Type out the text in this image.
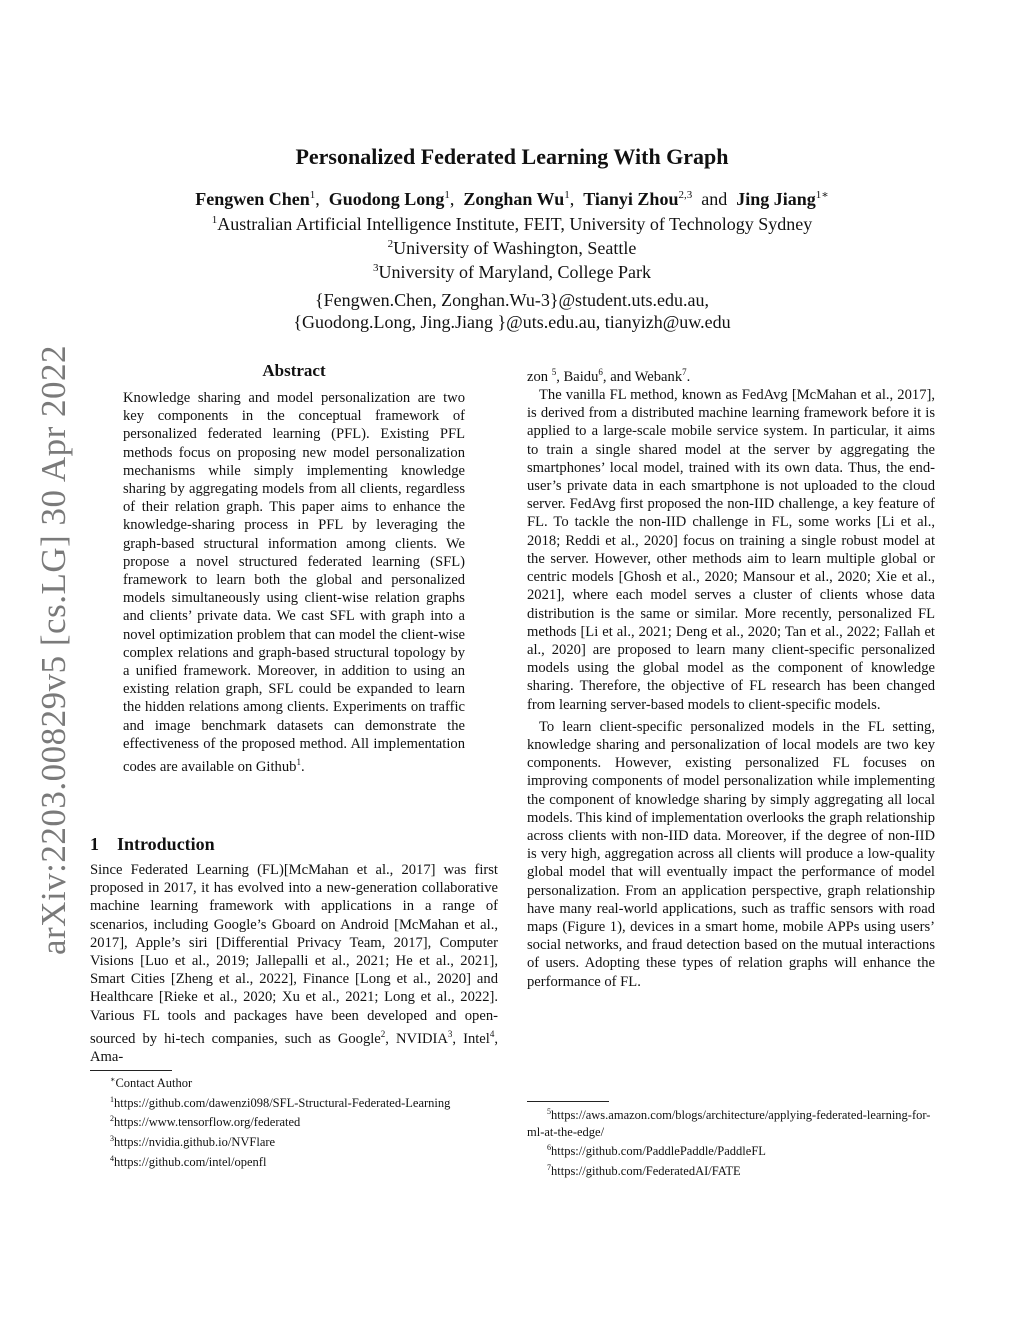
arXiv:2203.00829v5 [cs.LG] 30 Apr 2022
Personalized Federated Learning With Graph
Fengwen Chen$^1$,  Guodong Long$^1$,  Zonghan Wu$^1$,  Tianyi Zhou$^{2,3}$ and Jing Jiang$^{1∗}$
$^1$Australian Artificial Intelligence Institute, FEIT, University of Technology Sydney
$^2$University of Washington, Seattle
$^3$University of Maryland, College Park
{Fengwen.Chen, Zonghan.Wu-3}@student.uts.edu.au,
{Guodong.Long, Jing.Jiang }@uts.edu.au, tianyizh@uw.edu
Abstract
Knowledge sharing and model personalization are two key components in the conceptual framework of personalized federated learning (PFL). Existing PFL methods focus on proposing new model personalization mechanisms while simply implementing knowledge sharing by aggregating models from all clients, regardless of their relation graph. This paper aims to enhance the knowledge-sharing process in PFL by leveraging the graph-based structural information among clients. We propose a novel structured federated learning (SFL) framework to learn both the global and personalized models simultaneously using client-wise relation graphs and clients’ private data. We cast SFL with graph into a novel optimization problem that can model the client-wise complex relations and graph-based structural topology by a unified framework. Moreover, in addition to using an existing relation graph, SFL could be expanded to learn the hidden relations among clients. Experiments on traffic and image benchmark datasets can demonstrate the effectiveness of the proposed method. All implementation codes are available on Github$^1$.
1 Introduction

Since Federated Learning (FL)[McMahan et al., 2017] was first proposed in 2017, it has evolved into a new-generation collaborative machine learning framework with applications in a range of scenarios, including Google’s Gboard on Android [McMahan et al., 2017], Apple’s siri [Differential Privacy Team, 2017], Computer Visions [Luo et al., 2019; Jallepalli et al., 2021; He et al., 2021], Smart Cities [Zheng et al., 2022], Finance [Long et al., 2020] and Healthcare [Rieke et al., 2020; Xu et al., 2021; Long et al., 2022]. Various FL tools and packages have been developed and open-sourced by hi-tech companies, such as Google$^2$, NVIDIA$^3$, Intel$^4$, Ama-

∗Contact Author
$^1$https://github.com/dawenzi098/SFL-Structural-Federated-Learning
$^2$https://www.tensorflow.org/federated
$^3$https://nvidia.github.io/NVFlare
$^4$https://github.com/intel/openfl

zon $^5$, Baidu$^6$, and Webank$^7$.

The vanilla FL method, known as FedAvg [McMahan et al., 2017], is derived from a distributed machine learning framework before it is applied to a large-scale mobile service system. In particular, it aims to train a single shared model at the server by aggregating the smartphones’ local model, trained with its own data. Thus, the end-user’s private data in each smartphone is not uploaded to the cloud server. FedAvg first proposed the non-IID challenge, a key feature of FL. To tackle the non-IID challenge in FL, some works [Li et al., 2018; Reddi et al., 2020] focus on training a single robust model at the server. However, other methods aim to learn multiple global or centric models [Ghosh et al., 2020; Mansour et al., 2020; Xie et al., 2021], where each model serves a cluster of clients whose data distribution is the same or similar. More recently, personalized FL methods [Li et al., 2021; Deng et al., 2020; Tan et al., 2022; Fallah et al., 2020] are proposed to learn many client-specific personalized models using the global model as the component of knowledge sharing. Therefore, the objective of FL research has been changed from learning server-based models to client-specific models.

To learn client-specific personalized models in the FL setting, knowledge sharing and personalization of local models are two key components. However, existing personalized FL focuses on improving components of model personalization while implementing the component of knowledge sharing by simply aggregating all local models. This kind of implementation overlooks the graph relationship across clients with non-IID data. Moreover, if the degree of non-IID is very high, aggregation across all clients will produce a low-quality global model that will eventually impact the performance of model personalization. From an application perspective, graph relationship have many real-world applications, such as traffic sensors with road maps (Figure 1), devices in a smart home, mobile APPs using users’ social networks, and fraud detection based on the mutual interactions of users. Adopting these types of relation graphs will enhance the performance of FL.

$^5$https://aws.amazon.com/blogs/architecture/applying-federated-learning-for-ml-at-the-edge/
$^6$https://github.com/PaddlePaddle/PaddleFL
$^7$https://github.com/FederatedAI/FATE
